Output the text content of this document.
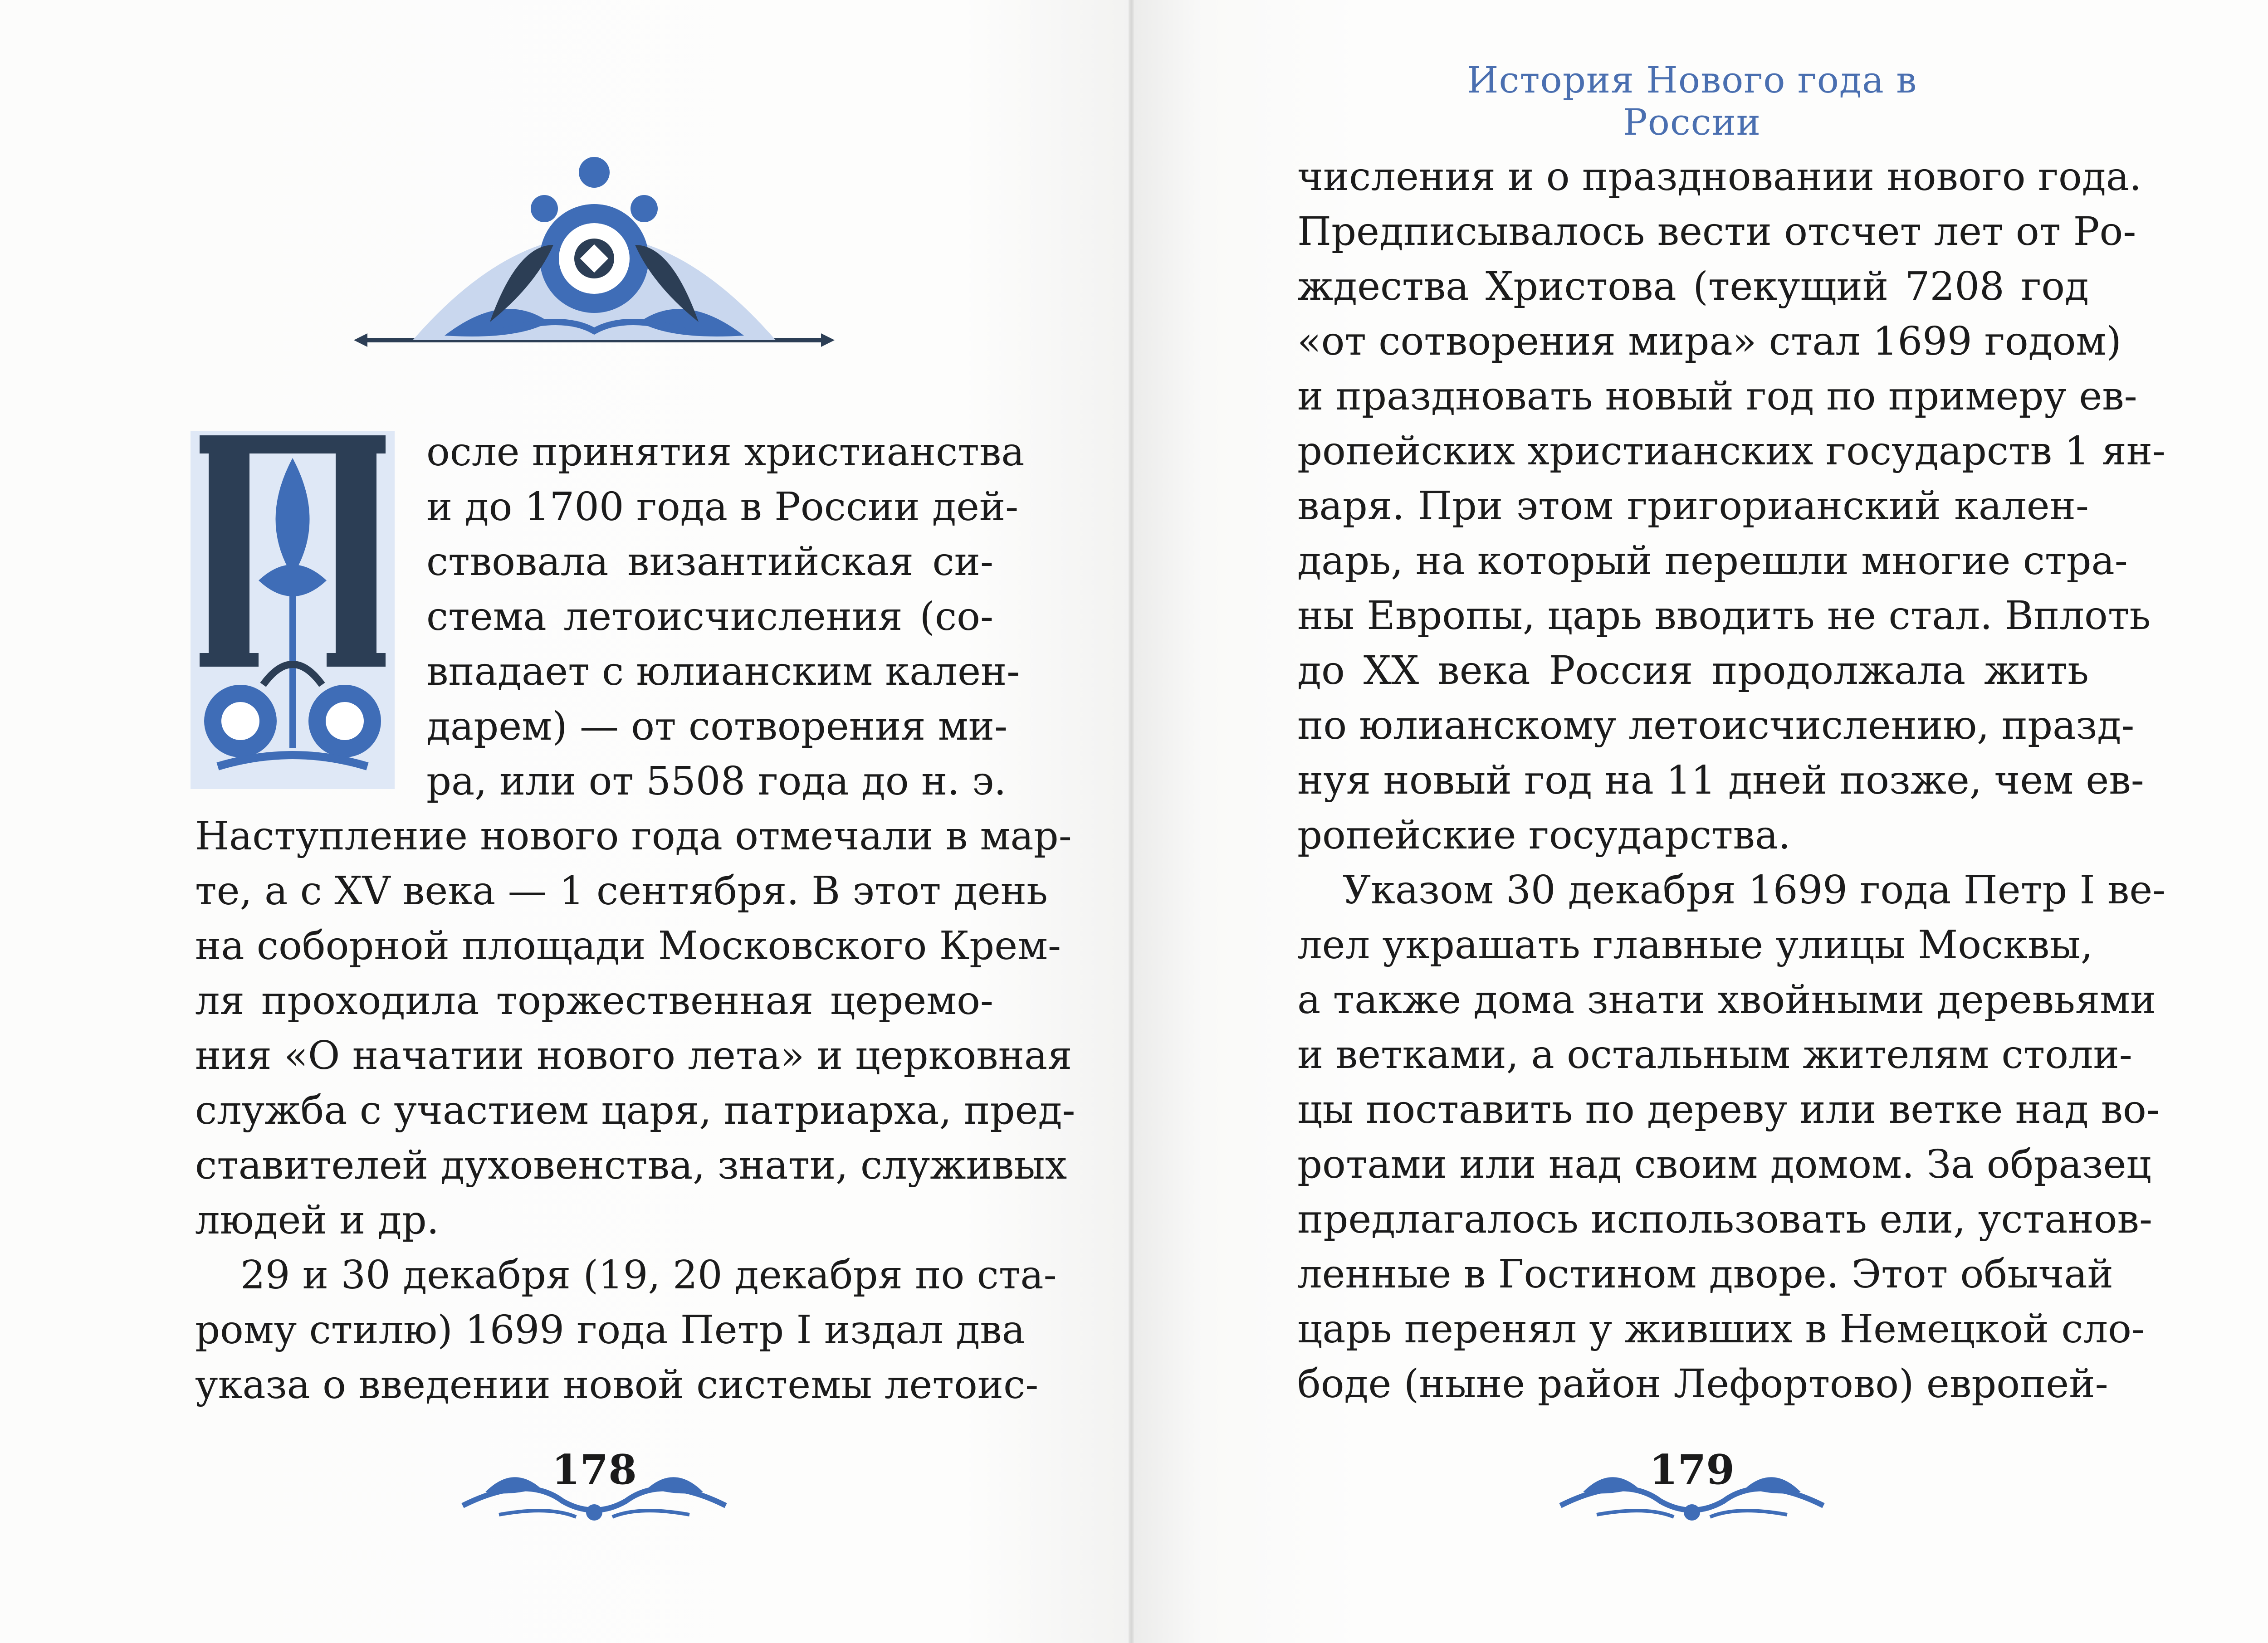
осле принятия христианства
и до 1700 года в России дей-
ствовала византийская си-
стема летоисчисления (со-
впадает с юлианским кален-
дарем) — от сотворения ми-
ра, или от 5508 года до н. э.
Наступление нового года отмечали в мар-
те, а с XV века — 1 сентября. В этот день
на соборной площади Московского Крем-
ля проходила торжественная церемо-
ния «О начатии нового лета» и церковная
служба с участием царя, патриарха, пред-
ставителей духовенства, знати, служивых
людей и др.
29 и 30 декабря (19, 20 декабря по ста-
рому стилю) 1699 года Петр I издал два
указа о введении новой системы летоис-
178
История Нового года в России
числения и о праздновании нового года.
Предписывалось вести отсчет лет от Ро-
ждества Христова (текущий 7208 год
«от сотворения мира» стал 1699 годом)
и праздновать новый год по примеру ев-
ропейских христианских государств 1 ян-
варя. При этом григорианский кален-
дарь, на который перешли многие стра-
ны Европы, царь вводить не стал. Вплоть
до XX века Россия продолжала жить
по юлианскому летоисчислению, празд-
нуя новый год на 11 дней позже, чем ев-
ропейские государства.
Указом 30 декабря 1699 года Петр I ве-
лел украшать главные улицы Москвы,
а также дома знати хвойными деревьями
и ветками, а остальным жителям столи-
цы поставить по дереву или ветке над во-
ротами или над своим домом. За образец
предлагалось использовать ели, установ-
ленные в Гостином дворе. Этот обычай
царь перенял у живших в Немецкой сло-
боде (ныне район Лефортово) европей-
179
